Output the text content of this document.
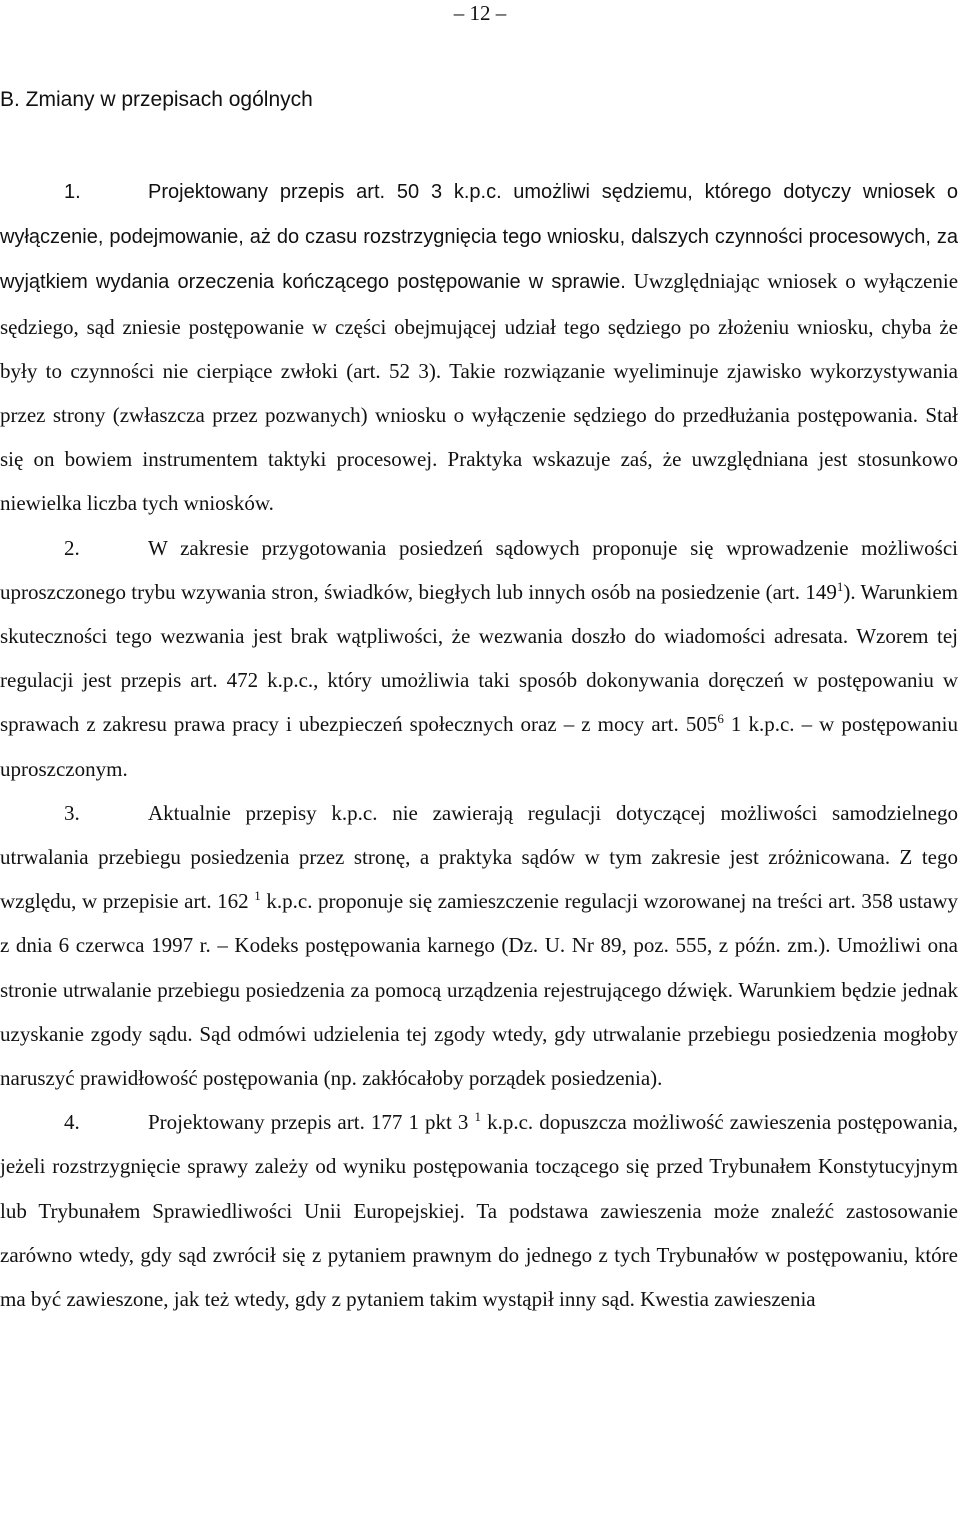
– 12 –
B. Zmiany w przepisach ogólnych

1.	Projektowany przepis art. 50 3 k.p.c. umożliwi sędziemu, którego dotyczy wniosek o wyłączenie, podejmowanie, aż do czasu rozstrzygnięcia tego wniosku, dalszych czynności procesowych, za wyjątkiem wydania orzeczenia kończącego postępowanie w sprawie. Uwzględniając wniosek o wyłączenie sędziego, sąd zniesie postępowanie w części obejmującej udział tego sędziego po złożeniu wniosku, chyba że były to czynności nie cierpiące zwłoki (art. 52 3). Takie rozwiązanie wyeliminuje zjawisko wykorzystywania przez strony (zwłaszcza przez pozwanych) wniosku o wyłączenie sędziego do przedłużania postępowania. Stał się on bowiem instrumentem taktyki procesowej. Praktyka wskazuje zaś, że uwzględniana jest stosunkowo niewielka liczba tych wniosków.

2.	W zakresie przygotowania posiedzeń sądowych proponuje się wprowadzenie możliwości uproszczonego trybu wzywania stron, świadków, biegłych lub innych osób na posiedzenie (art. $149^1$). Warunkiem skuteczności tego wezwania jest brak wątpliwości, że wezwania doszło do wiadomości adresata. Wzorem tej regulacji jest przepis art. 472 k.p.c., który umożliwia taki sposób dokonywania doręczeń w postępowaniu w sprawach z zakresu prawa pracy i ubezpieczeń społecznych oraz – z mocy art. $505^6$ 1 k.p.c. – w postępowaniu uproszczonym.

3.	Aktualnie przepisy k.p.c. nie zawierają regulacji dotyczącej możliwości samodzielnego utrwalania przebiegu posiedzenia przez stronę, a praktyka sądów w tym zakresie jest zróżnicowana. Z tego względu, w przepisie art. 162 $^1$ k.p.c. proponuje się zamieszczenie regulacji wzorowanej na treści art. 358 ustawy z dnia 6 czerwca 1997 r. – Kodeks postępowania karnego (Dz. U. Nr 89, poz. 555, z późn. zm.). Umożliwi ona stronie utrwalanie przebiegu posiedzenia za pomocą urządzenia rejestrującego dźwięk. Warunkiem będzie jednak uzyskanie zgody sądu. Sąd odmówi udzielenia tej zgody wtedy, gdy utrwalanie przebiegu posiedzenia mogłoby naruszyć prawidłowość postępowania (np. zakłócałoby porządek posiedzenia).

4.	Projektowany przepis art. 177 1 pkt 3 $^1$ k.p.c. dopuszcza możliwość zawieszenia postępowania, jeżeli rozstrzygnięcie sprawy zależy od wyniku postępowania toczącego się przed Trybunałem Konstytucyjnym lub Trybunałem Sprawiedliwości Unii Europejskiej. Ta podstawa zawieszenia może znaleźć zastosowanie zarówno wtedy, gdy sąd zwrócił się z pytaniem prawnym do jednego z tych Trybunałów w postępowaniu, które ma być zawieszone, jak też wtedy, gdy z pytaniem takim wystąpił inny sąd. Kwestia zawieszenia
